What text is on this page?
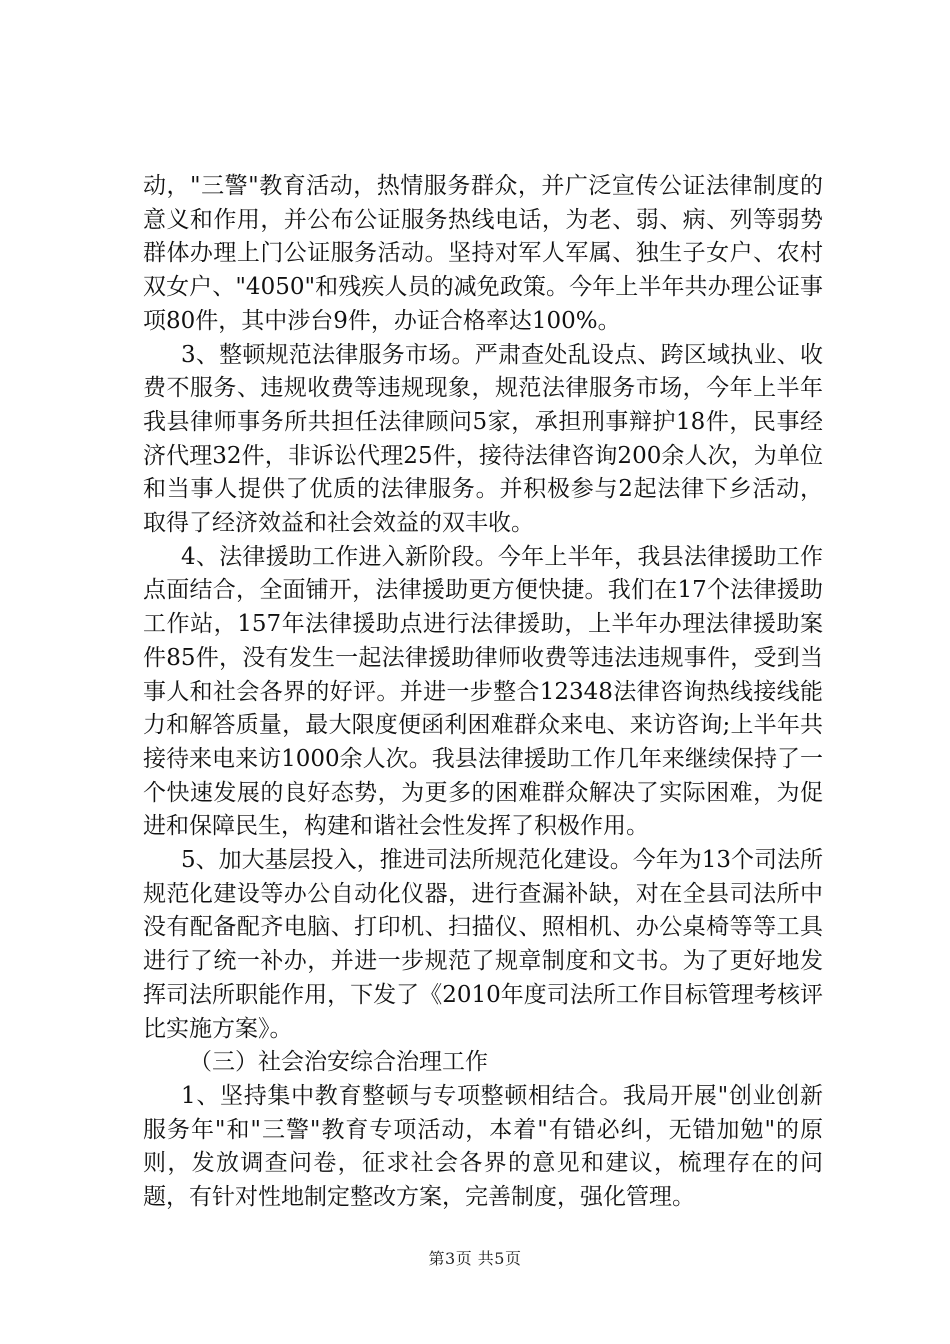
动，"三警"教育活动，热情服务群众，并广泛宣传公证法律制度的意义和作用，并公布公证服务热线电话，为老、弱、病、列等弱势群体办理上门公证服务活动。坚持对军人军属、独生子女户、农村双女户、"4050"和残疾人员的减免政策。今年上半年共办理公证事项80件，其中涉台9件，办证合格率达100%。

3、整顿规范法律服务市场。严肃查处乱设点、跨区域执业、收费不服务、违规收费等违规现象，规范法律服务市场，今年上半年我县律师事务所共担任法律顾问5家，承担刑事辩护18件，民事经济代理32件，非诉讼代理25件，接待法律咨询200余人次，为单位和当事人提供了优质的法律服务。并积极参与2起法律下乡活动，取得了经济效益和社会效益的双丰收。

4、法律援助工作进入新阶段。今年上半年，我县法律援助工作点面结合，全面铺开，法律援助更方便快捷。我们在17个法律援助工作站，157年法律援助点进行法律援助，上半年办理法律援助案件85件，没有发生一起法律援助律师收费等违法违规事件，受到当事人和社会各界的好评。并进一步整合12348法律咨询热线接线能力和解答质量，最大限度便函利困难群众来电、来访咨询;上半年共接待来电来访1000余人次。我县法律援助工作几年来继续保持了一个快速发展的良好态势，为更多的困难群众解决了实际困难，为促进和保障民生，构建和谐社会性发挥了积极作用。

5、加大基层投入，推进司法所规范化建设。今年为13个司法所规范化建设等办公自动化仪器，进行查漏补缺，对在全县司法所中没有配备配齐电脑、打印机、扫描仪、照相机、办公桌椅等等工具进行了统一补办，并进一步规范了规章制度和文书。为了更好地发挥司法所职能作用，下发了《2010年度司法所工作目标管理考核评比实施方案》。

（三）社会治安综合治理工作

1、坚持集中教育整顿与专项整顿相结合。我局开展"创业创新服务年"和"三警"教育专项活动，本着"有错必纠，无错加勉"的原则，发放调查问卷，征求社会各界的意见和建议，梳理存在的问题，有针对性地制定整改方案，完善制度，强化管理。

第3页 共5页
